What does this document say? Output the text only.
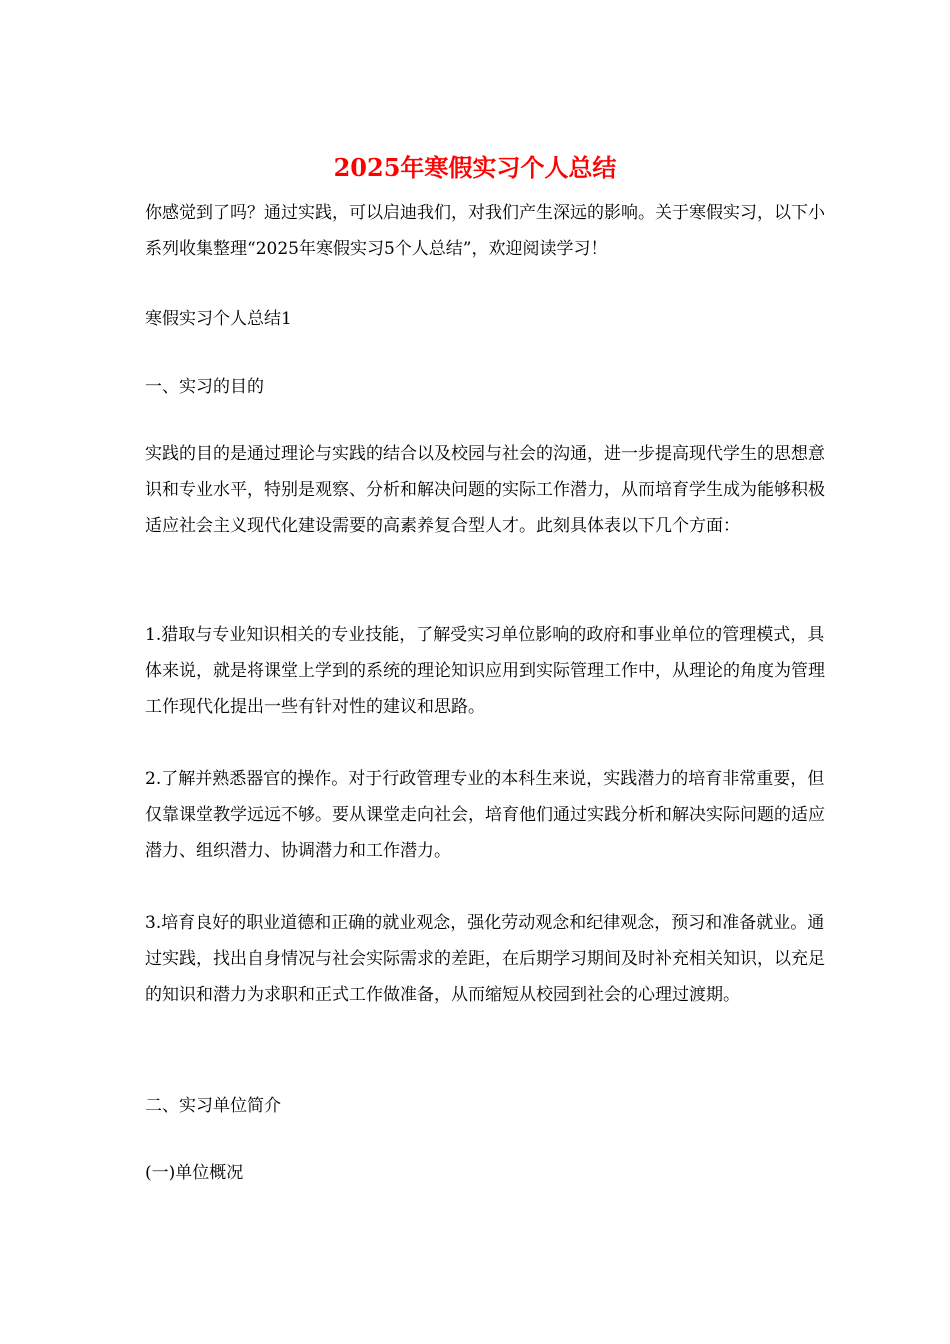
2025年寒假实习个人总结

你感觉到了吗？通过实践，可以启迪我们，对我们产生深远的影响。关于寒假实习，以下小系列收集整理“2025年寒假实习5个人总结”，欢迎阅读学习！

寒假实习个人总结1

一、实习的目的

实践的目的是通过理论与实践的结合以及校园与社会的沟通，进一步提高现代学生的思想意识和专业水平，特别是观察、分析和解决问题的实际工作潜力，从而培育学生成为能够积极适应社会主义现代化建设需要的高素养复合型人才。此刻具体表以下几个方面：

1.猎取与专业知识相关的专业技能，了解受实习单位影响的政府和事业单位的管理模式，具体来说，就是将课堂上学到的系统的理论知识应用到实际管理工作中，从理论的角度为管理工作现代化提出一些有针对性的建议和思路。

2.了解并熟悉器官的操作。对于行政管理专业的本科生来说，实践潜力的培育非常重要，但仅靠课堂教学远远不够。要从课堂走向社会，培育他们通过实践分析和解决实际问题的适应潜力、组织潜力、协调潜力和工作潜力。

3.培育良好的职业道德和正确的就业观念，强化劳动观念和纪律观念，预习和准备就业。通过实践，找出自身情况与社会实际需求的差距，在后期学习期间及时补充相关知识，以充足的知识和潜力为求职和正式工作做准备，从而缩短从校园到社会的心理过渡期。

二、实习单位简介

(一)单位概况
